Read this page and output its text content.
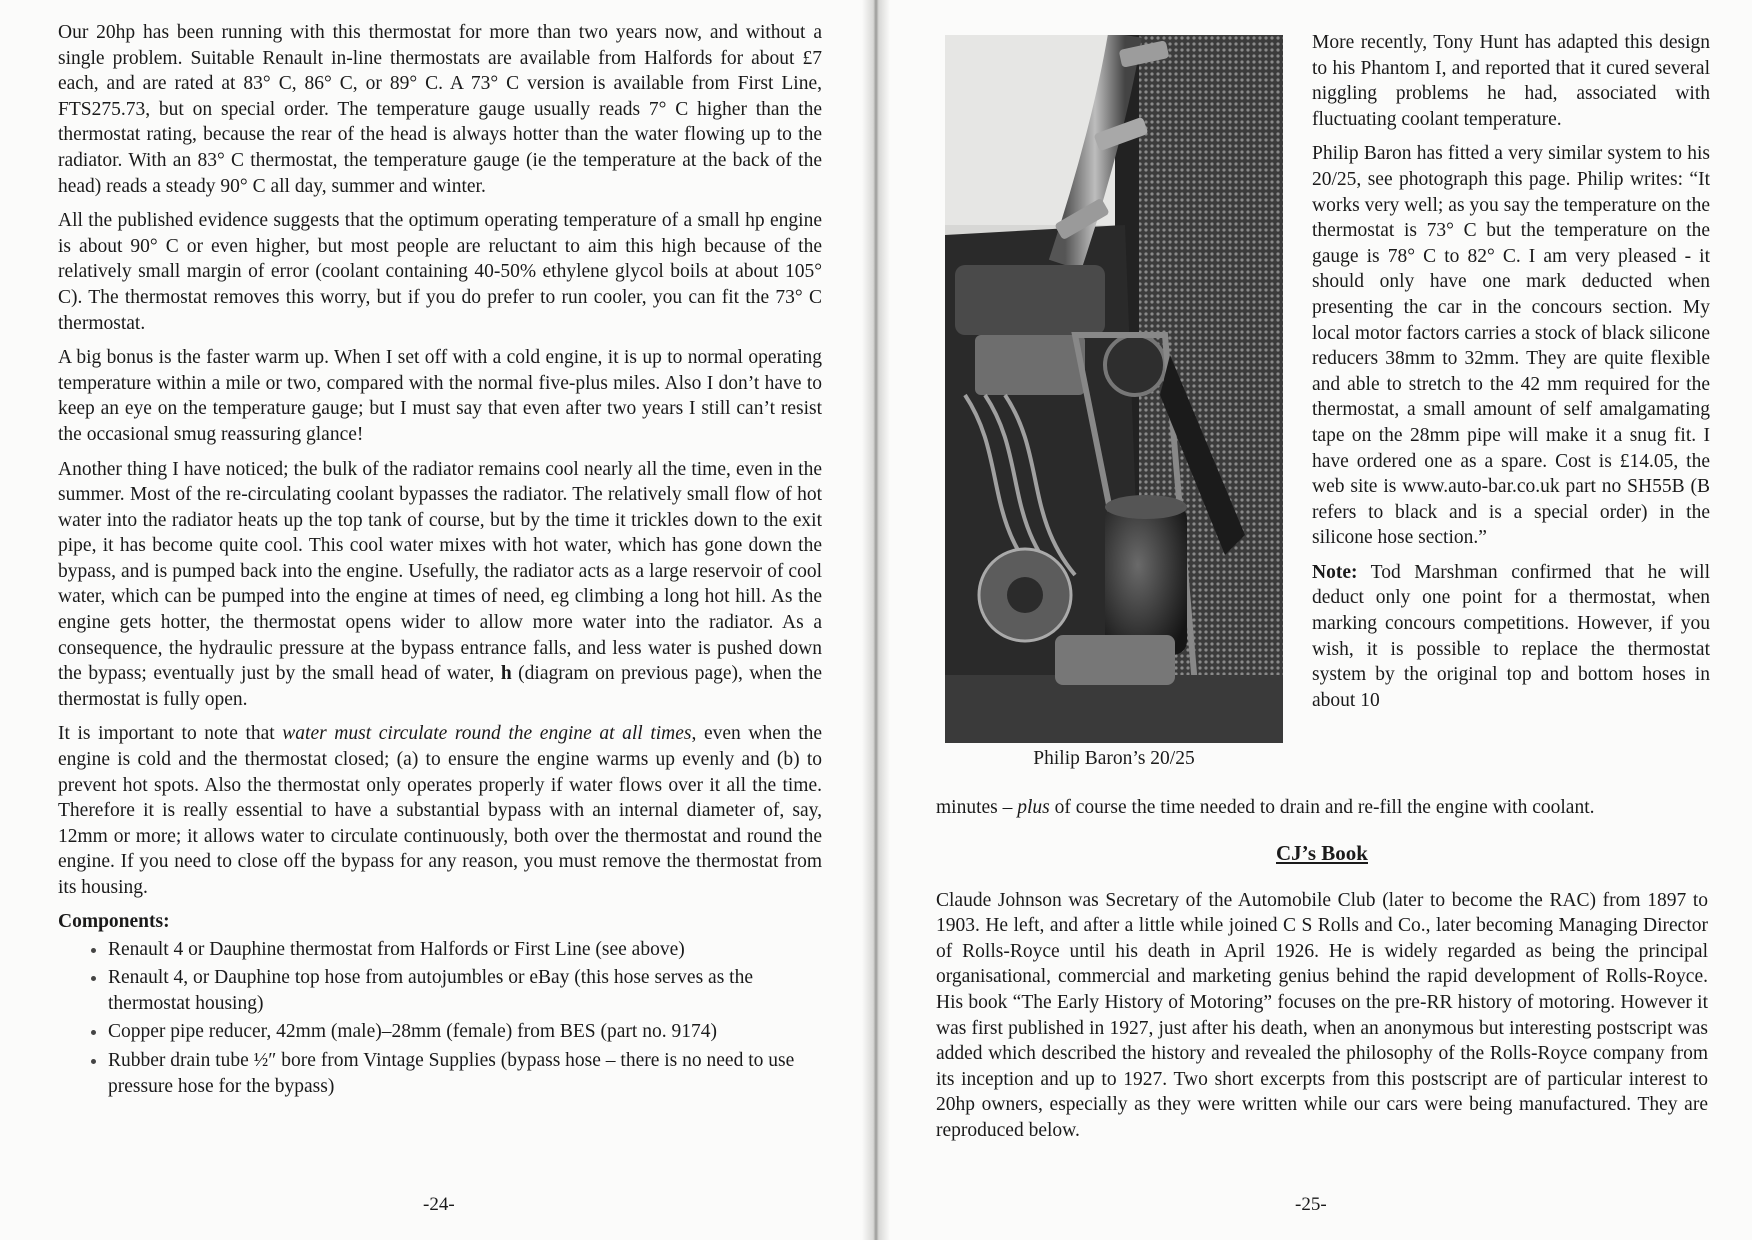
Our 20hp has been running with this thermostat for more than two years now, and without a single problem. Suitable Renault in-line thermostats are available from Halfords for about £7 each, and are rated at 83° C, 86° C, or 89° C. A 73° C version is available from First Line, FTS275.73, but on special order. The temperature gauge usually reads 7° C higher than the thermostat rating, because the rear of the head is always hotter than the water flowing up to the radiator. With an 83° C thermostat, the temperature gauge (ie the temperature at the back of the head) reads a steady 90° C all day, summer and winter.

All the published evidence suggests that the optimum operating temperature of a small hp engine is about 90° C or even higher, but most people are reluctant to aim this high because of the relatively small margin of error (coolant containing 40-50% ethylene glycol boils at about 105° C). The thermostat removes this worry, but if you do prefer to run cooler, you can fit the 73° C thermostat.

A big bonus is the faster warm up. When I set off with a cold engine, it is up to normal operating temperature within a mile or two, compared with the normal five-plus miles. Also I don’t have to keep an eye on the temperature gauge; but I must say that even after two years I still can’t resist the occasional smug reassuring glance!

Another thing I have noticed; the bulk of the radiator remains cool nearly all the time, even in the summer. Most of the re-circulating coolant bypasses the radiator. The relatively small flow of hot water into the radiator heats up the top tank of course, but by the time it trickles down to the exit pipe, it has become quite cool. This cool water mixes with hot water, which has gone down the bypass, and is pumped back into the engine. Usefully, the radiator acts as a large reservoir of cool water, which can be pumped into the engine at times of need, eg climbing a long hot hill. As the engine gets hotter, the thermostat opens wider to allow more water into the radiator. As a consequence, the hydraulic pressure at the bypass entrance falls, and less water is pushed down the bypass; eventually just by the small head of water, h (diagram on previous page), when the thermostat is fully open.

It is important to note that water must circulate round the engine at all times, even when the engine is cold and the thermostat closed; (a) to ensure the engine warms up evenly and (b) to prevent hot spots. Also the thermostat only operates properly if water flows over it all the time. Therefore it is really essential to have a substantial bypass with an internal diameter of, say, 12mm or more; it allows water to circulate continuously, both over the thermostat and round the engine. If you need to close off the bypass for any reason, you must remove the thermostat from its housing.

Components:
• Renault 4 or Dauphine thermostat from Halfords or First Line (see above)
• Renault 4, or Dauphine top hose from autojumbles or eBay (this hose serves as the thermostat housing)
• Copper pipe reducer, 42mm (male)–28mm (female) from BES (part no. 9174)
• Rubber drain tube ½″ bore from Vintage Supplies (bypass hose – there is no need to use pressure hose for the bypass)
-24-
Philip Baron’s 20/25

More recently, Tony Hunt has adapted this design to his Phantom I, and reported that it cured several niggling problems he had, associated with fluctuating coolant temperature.

Philip Baron has fitted a very similar system to his 20/25, see photograph this page. Philip writes: “It works very well; as you say the temperature on the thermostat is 73° C but the temperature on the gauge is 78° C to 82° C. I am very pleased - it should only have one mark deducted when presenting the car in the concours section. My local motor factors carries a stock of black silicone reducers 38mm to 32mm. They are quite flexible and able to stretch to the 42 mm required for the thermostat, a small amount of self amalgamating tape on the 28mm pipe will make it a snug fit. I have ordered one as a spare. Cost is £14.05, the web site is www.auto-bar.co.uk part no SH55B (B refers to black and is a special order) in the silicone hose section.”

Note: Tod Marshman confirmed that he will deduct only one point for a thermostat, when marking concours competitions. However, if you wish, it is possible to replace the thermostat system by the original top and bottom hoses in about 10

minutes – plus of course the time needed to drain and re-fill the engine with coolant.

CJ’s Book

Claude Johnson was Secretary of the Automobile Club (later to become the RAC) from 1897 to 1903. He left, and after a little while joined C S Rolls and Co., later becoming Managing Director of Rolls-Royce until his death in April 1926. He is widely regarded as being the principal organisational, commercial and marketing genius behind the rapid development of Rolls-Royce. His book “The Early History of Motoring” focuses on the pre-RR history of motoring. However it was first published in 1927, just after his death, when an anonymous but interesting postscript was added which described the history and revealed the philosophy of the Rolls-Royce company from its inception and up to 1927. Two short excerpts from this postscript are of particular interest to 20hp owners, especially as they were written while our cars were being manufactured. They are reproduced below.

-25-
